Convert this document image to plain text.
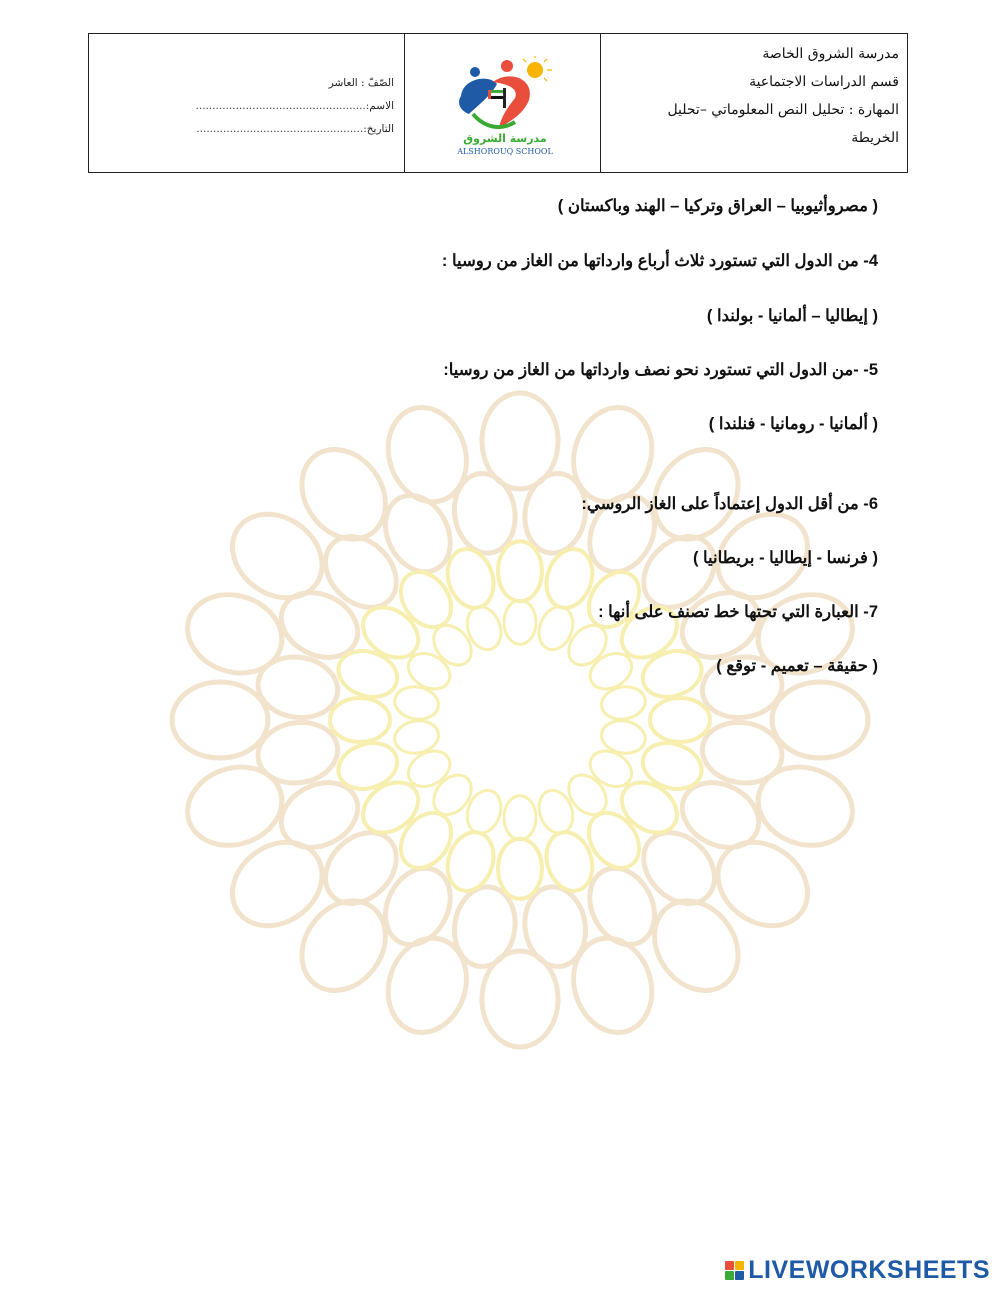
الصّفّ : العاشر
الاسم:...................................................
التاريخ:..................................................
مدرسة الشروق
ALSHOROUQ SCHOOL
مدرسة الشروق الخاصة
قسم الدراسات الاجتماعية
المهارة : تحليل النص المعلوماتي –تحليل
الخريطة
( مصروأثيوبيا – العراق وتركيا – الهند وباكستان )
4- من الدول التي تستورد ثلاث أرباع وارداتها من الغاز من روسيا :
( إيطاليا – ألمانيا - بولندا )
5- -من الدول التي تستورد نحو نصف وارداتها من الغاز من روسيا:
( ألمانيا - رومانيا - فنلندا )
6- من أقل الدول إعتماداً على الغاز الروسي:
( فرنسا - إيطاليا - بريطانيا )
7- العبارة التي تحتها خط تصنف على أنها :
( حقيقة – تعميم - توقع )
LIVEWORKSHEETS
